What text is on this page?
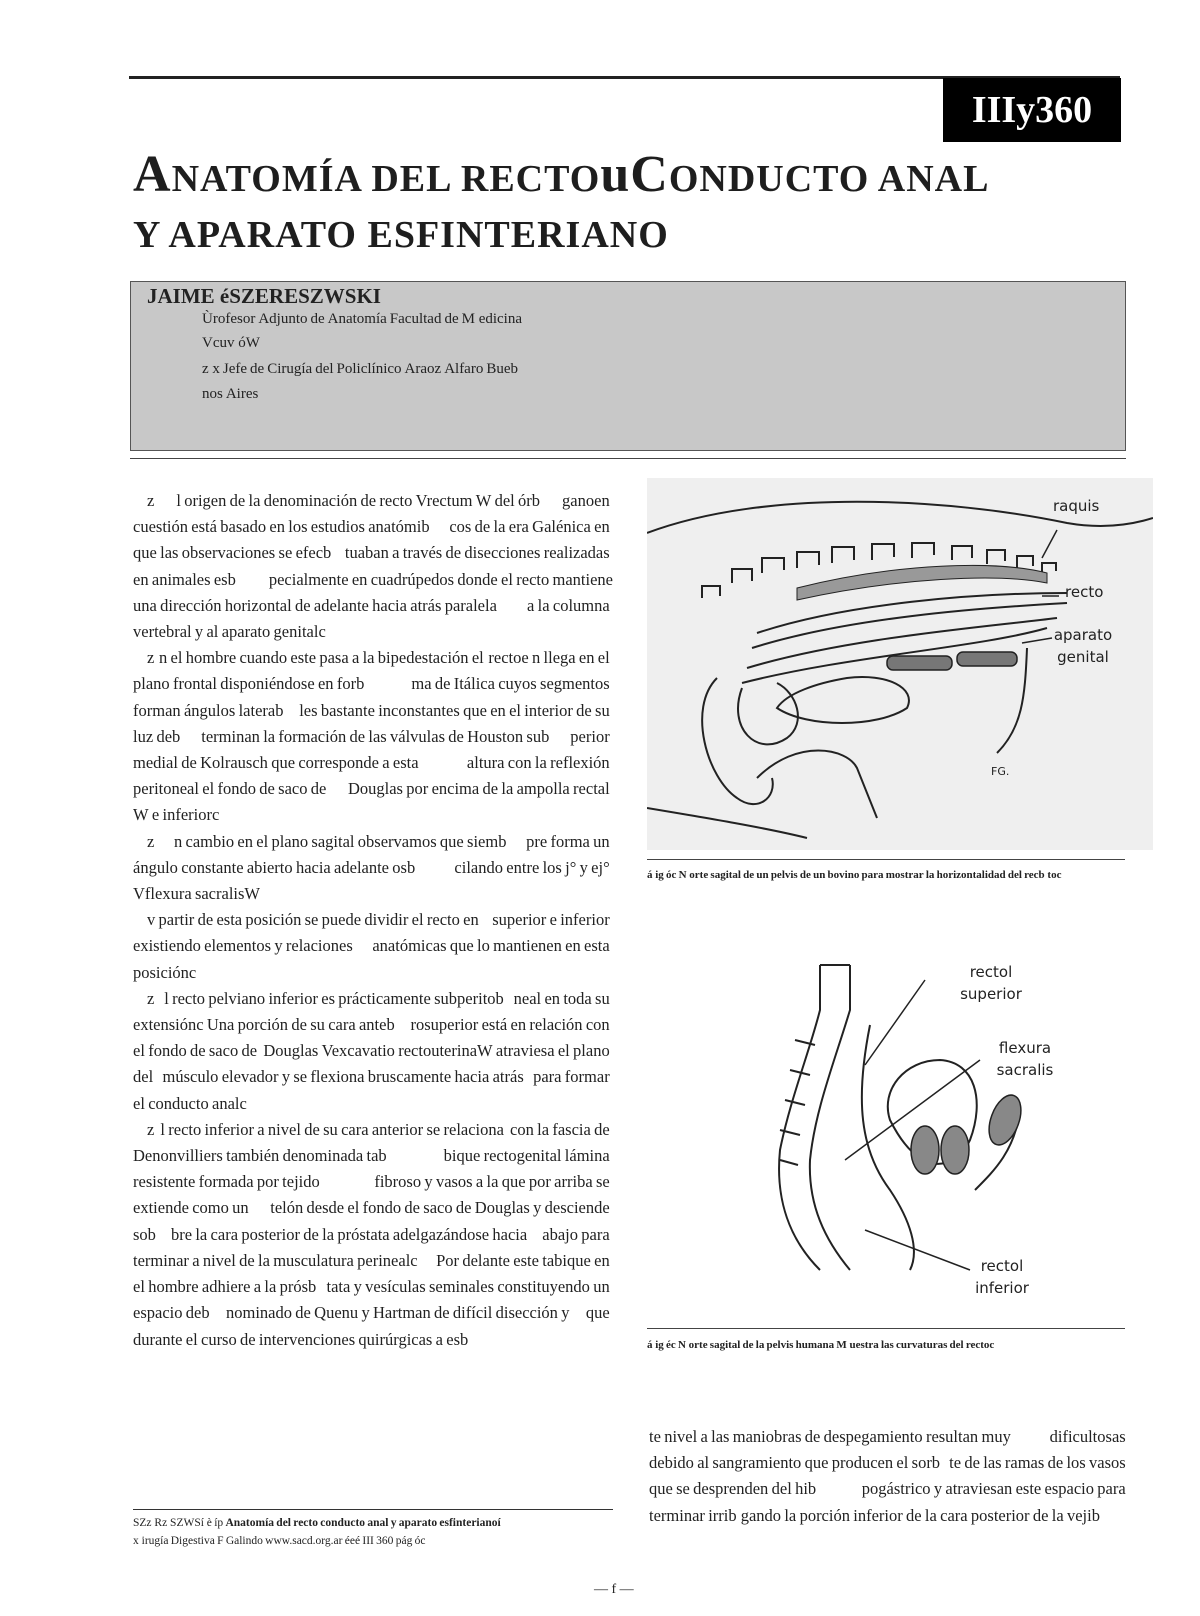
IIIy360
ANATOMÍA DEL RECTOuCONDUCTO ANAL
Y APARATO ESFINTERIANO
JAIME éSZERESZWSKI
Ùrofesor Adjunto de Anatomía Facultad de M edicina
Vcuv óW
z x Jefe de Cirugía del Policlínico Araoz Alfaro Bueb
nos Aires

z l origen de la denominación de recto Vrectum W del órb ganoen cuestión está basado en los estudios anatómib cos de la era Galénica en que las observaciones se efecb tuaban a través de disecciones realizadas en animales esb pecialmente en cuadrúpedos donde el recto mantiene una dirección horizontal de adelante hacia atrás paralela a la columna vertebral y al aparato genitalc

z n el hombre cuando este pasa a la bipedestación el rectoe n llega en el plano frontal disponiéndose en forb ma de Itálica cuyos segmentos forman ángulos laterab les bastante inconstantes que en el interior de su luz deb terminan la formación de las válvulas de Houston sub perior medial de Kolrausch que corresponde a esta altura con la reflexión peritoneal el fondo de saco de Douglas por encima de la ampolla rectal W e inferiorc

z n cambio en el plano sagital observamos que siemb pre forma un ángulo constante abierto hacia adelante osb cilando entre los j° y ej° Vflexura sacralisW

v partir de esta posición se puede dividir el recto en superior e inferior existiendo elementos y relaciones anatómicas que lo mantienen en esta posiciónc

z l recto pelviano inferior es prácticamente subperitob neal en toda su extensiónc Una porción de su cara anteb rosuperior está en relación con el fondo de saco de Douglas Vexcavatio rectouterinaW atraviesa el plano del músculo elevador y se flexiona bruscamente hacia atrás para formar el conducto analc

z l recto inferior a nivel de su cara anterior se relaciona con la fascia de Denonvilliers también denominada tab bique rectogenital lámina resistente formada por tejido fibroso y vasos a la que por arriba se extiende como un telón desde el fondo de saco de Douglas y desciende sob bre la cara posterior de la próstata adelgazándose hacia abajo para terminar a nivel de la musculatura perinealc Por delante este tabique en el hombre adhiere a la prósb tata y vesículas seminales constituyendo un espacio deb nominado de Quenu y Hartman de difícil disección y que durante el curso de intervenciones quirúrgicas a esb

raquis
recto
aparato
genital
FG.
á ig óc N orte sagital de un pelvis de un bovino para mostrar la horizontalidad del recb toc
rectol
superior
flexura
sacralis
rectol
inferior
á ig éc N orte sagital de la pelvis humana M uestra las curvaturas del rectoc

te nivel a las maniobras de despegamiento resultan muy dificultosas debido al sangramiento que producen el sorb te de las ramas de los vasos que se desprenden del hib pogástrico y atraviesan este espacio para terminar irrib gando la porción inferior de la cara posterior de la vejib

SZz Rz SZWSí è íp Anatomía del recto conducto anal y aparato esfinterianoí
x irugía Digestiva F Galindo www.sacd.org.ar éeé III 360 pág óc
— f —
